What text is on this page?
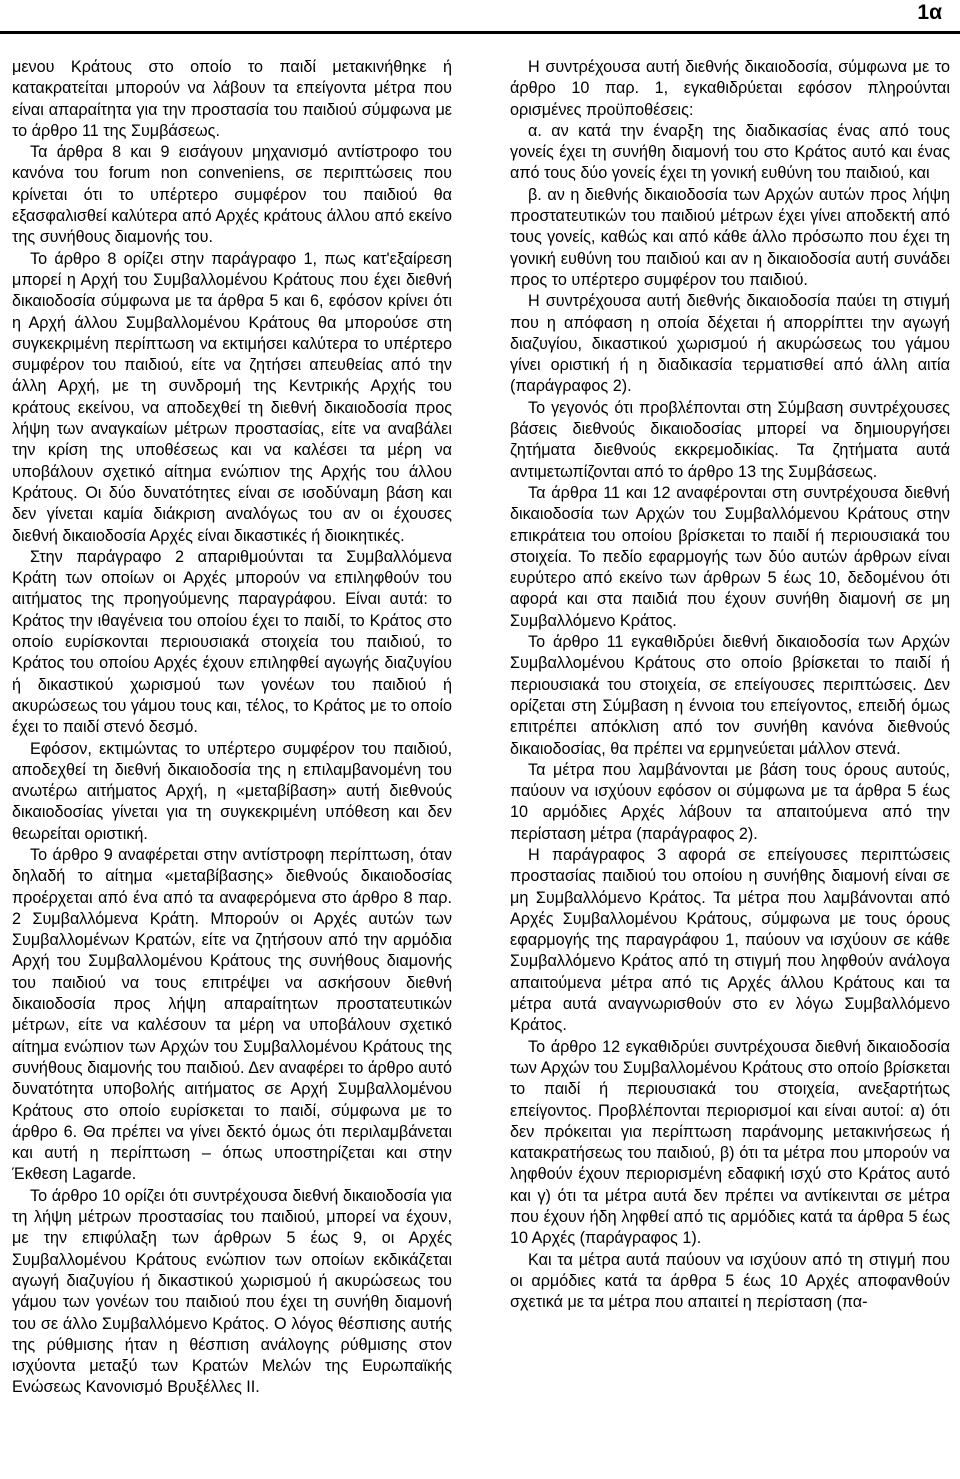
1α

μενου Κράτους στο οποίο το παιδί μετακινήθηκε ή κατακρατείται μπορούν να λάβουν τα επείγοντα μέτρα που είναι απαραίτητα για την προστασία του παιδιού σύμφωνα με το άρθρο 11 της Συμβάσεως.

Τα άρθρα 8 και 9 εισάγουν μηχανισμό αντίστροφο του κανόνα του forum non conveniens, σε περιπτώσεις που κρίνεται ότι το υπέρτερο συμφέρον του παιδιού θα εξασφαλισθεί καλύτερα από Αρχές κράτους άλλου από εκείνο της συνήθους διαμονής του.

Το άρθρο 8 ορίζει στην παράγραφο 1, πως κατ'εξαίρεση μπορεί η Αρχή του Συμβαλλομένου Κράτους που έχει διεθνή δικαιοδοσία σύμφωνα με τα άρθρα 5 και 6, εφόσον κρίνει ότι η Αρχή άλλου Συμβαλλομένου Κράτους θα μπορούσε στη συγκεκριμένη περίπτωση να εκτιμήσει καλύτερα το υπέρτερο συμφέρον του παιδιού, είτε να ζητήσει απευθείας από την άλλη Αρχή, με τη συνδρομή της Κεντρικής Αρχής του κράτους εκείνου, να αποδεχθεί τη διεθνή δικαιοδοσία προς λήψη των αναγκαίων μέτρων προστασίας, είτε να αναβάλει την κρίση της υποθέσεως και να καλέσει τα μέρη να υποβάλουν σχετικό αίτημα ενώπιον της Αρχής του άλλου Κράτους. Οι δύο δυνατότητες είναι σε ισοδύναμη βάση και δεν γίνεται καμία διάκριση αναλόγως του αν οι έχουσες διεθνή δικαιοδοσία Αρχές είναι δικαστικές ή διοικητικές.

Στην παράγραφο 2 απαριθμούνται τα Συμβαλλόμενα Κράτη των οποίων οι Αρχές μπορούν να επιληφθούν του αιτήματος της προηγούμενης παραγράφου. Είναι αυτά: το Κράτος την ιθαγένεια του οποίου έχει το παιδί, το Κράτος στο οποίο ευρίσκονται περιουσιακά στοιχεία του παιδιού, το Κράτος του οποίου Αρχές έχουν επιληφθεί αγωγής διαζυγίου ή δικαστικού χωρισμού των γονέων του παιδιού ή ακυρώσεως του γάμου τους και, τέλος, το Κράτος με το οποίο έχει το παιδί στενό δεσμό.

Εφόσον, εκτιμώντας το υπέρτερο συμφέρον του παιδιού, αποδεχθεί τη διεθνή δικαιοδοσία της η επιλαμβανομένη του ανωτέρω αιτήματος Αρχή, η «μεταβίβαση» αυτή διεθνούς δικαιοδοσίας γίνεται για τη συγκεκριμένη υπόθεση και δεν θεωρείται οριστική.

Το άρθρο 9 αναφέρεται στην αντίστροφη περίπτωση, όταν δηλαδή το αίτημα «μεταβίβασης» διεθνούς δικαιοδοσίας προέρχεται από ένα από τα αναφερόμενα στο άρθρο 8 παρ. 2 Συμβαλλόμενα Κράτη. Μπορούν οι Αρχές αυτών των Συμβαλλομένων Κρατών, είτε να ζητήσουν από την αρμόδια Αρχή του Συμβαλλομένου Κράτους της συνήθους διαμονής του παιδιού να τους επιτρέψει να ασκήσουν διεθνή δικαιοδοσία προς λήψη απαραίτητων προστατευτικών μέτρων, είτε να καλέσουν τα μέρη να υποβάλουν σχετικό αίτημα ενώπιον των Αρχών του Συμβαλλομένου Κράτους της συνήθους διαμονής του παιδιού. Δεν αναφέρει το άρθρο αυτό δυνατότητα υποβολής αιτήματος σε Αρχή Συμβαλλομένου Κράτους στο οποίο ευρίσκεται το παιδί, σύμφωνα με το άρθρο 6. Θα πρέπει να γίνει δεκτό όμως ότι περιλαμβάνεται και αυτή η περίπτωση – όπως υποστηρίζεται και στην Έκθεση Lagarde.

Το άρθρο 10 ορίζει ότι συντρέχουσα διεθνή δικαιοδοσία για τη λήψη μέτρων προστασίας του παιδιού, μπορεί να έχουν, με την επιφύλαξη των άρθρων 5 έως 9, οι Αρχές Συμβαλλομένου Κράτους ενώπιον των οποίων εκδικάζεται αγωγή διαζυγίου ή δικαστικού χωρισμού ή ακυρώσεως του γάμου των γονέων του παιδιού που έχει τη συνήθη διαμονή του σε άλλο Συμβαλλόμενο Κράτος. Ο λόγος θέσπισης αυτής της ρύθμισης ήταν η θέσπιση ανάλογης ρύθμισης στον ισχύοντα μεταξύ των Κρατών Μελών της Ευρωπαϊκής Ενώσεως Κανονισμό Βρυξέλλες ΙΙ.

Η συντρέχουσα αυτή διεθνής δικαιοδοσία, σύμφωνα με το άρθρο 10 παρ. 1, εγκαθιδρύεται εφόσον πληρούνται ορισμένες προϋποθέσεις:

α. αν κατά την έναρξη της διαδικασίας ένας από τους γονείς έχει τη συνήθη διαμονή του στο Κράτος αυτό και ένας από τους δύο γονείς έχει τη γονική ευθύνη του παιδιού, και

β. αν η διεθνής δικαιοδοσία των Αρχών αυτών προς λήψη προστατευτικών του παιδιού μέτρων έχει γίνει αποδεκτή από τους γονείς, καθώς και από κάθε άλλο πρόσωπο που έχει τη γονική ευθύνη του παιδιού και αν η δικαιοδοσία αυτή συνάδει προς το υπέρτερο συμφέρον του παιδιού.

Η συντρέχουσα αυτή διεθνής δικαιοδοσία παύει τη στιγμή που η απόφαση η οποία δέχεται ή απορρίπτει την αγωγή διαζυγίου, δικαστικού χωρισμού ή ακυρώσεως του γάμου γίνει οριστική ή η διαδικασία τερματισθεί από άλλη αιτία (παράγραφος 2).

Το γεγονός ότι προβλέπονται στη Σύμβαση συντρέχουσες βάσεις διεθνούς δικαιοδοσίας μπορεί να δημιουργήσει ζητήματα διεθνούς εκκρεμοδικίας. Τα ζητήματα αυτά αντιμετωπίζονται από το άρθρο 13 της Συμβάσεως.

Τα άρθρα 11 και 12 αναφέρονται στη συντρέχουσα διεθνή δικαιοδοσία των Αρχών του Συμβαλλόμενου Κράτους στην επικράτεια του οποίου βρίσκεται το παιδί ή περιουσιακά του στοιχεία. Το πεδίο εφαρμογής των δύο αυτών άρθρων είναι ευρύτερο από εκείνο των άρθρων 5 έως 10, δεδομένου ότι αφορά και στα παιδιά που έχουν συνήθη διαμονή σε μη Συμβαλλόμενο Κράτος.

Το άρθρο 11 εγκαθιδρύει διεθνή δικαιοδοσία των Αρχών Συμβαλλομένου Κράτους στο οποίο βρίσκεται το παιδί ή περιουσιακά του στοιχεία, σε επείγουσες περιπτώσεις. Δεν ορίζεται στη Σύμβαση η έννοια του επείγοντος, επειδή όμως επιτρέπει απόκλιση από τον συνήθη κανόνα διεθνούς δικαιοδοσίας, θα πρέπει να ερμηνεύεται μάλλον στενά.

Τα μέτρα που λαμβάνονται με βάση τους όρους αυτούς, παύουν να ισχύουν εφόσον οι σύμφωνα με τα άρθρα 5 έως 10 αρμόδιες Αρχές λάβουν τα απαιτούμενα από την περίσταση μέτρα (παράγραφος 2).

Η παράγραφος 3 αφορά σε επείγουσες περιπτώσεις προστασίας παιδιού του οποίου η συνήθης διαμονή είναι σε μη Συμβαλλόμενο Κράτος. Τα μέτρα που λαμβάνονται από Αρχές Συμβαλλομένου Κράτους, σύμφωνα με τους όρους εφαρμογής της παραγράφου 1, παύουν να ισχύουν σε κάθε Συμβαλλόμενο Κράτος από τη στιγμή που ληφθούν ανάλογα απαιτούμενα μέτρα από τις Αρχές άλλου Κράτους και τα μέτρα αυτά αναγνωρισθούν στο εν λόγω Συμβαλλόμενο Κράτος.

Το άρθρο 12 εγκαθιδρύει συντρέχουσα διεθνή δικαιοδοσία των Αρχών του Συμβαλλομένου Κράτους στο οποίο βρίσκεται το παιδί ή περιουσιακά του στοιχεία, ανεξαρτήτως επείγοντος. Προβλέπονται περιορισμοί και είναι αυτοί: α) ότι δεν πρόκειται για περίπτωση παράνομης μετακινήσεως ή κατακρατήσεως του παιδιού, β) ότι τα μέτρα που μπορούν να ληφθούν έχουν περιορισμένη εδαφική ισχύ στο Κράτος αυτό και γ) ότι τα μέτρα αυτά δεν πρέπει να αντίκεινται σε μέτρα που έχουν ήδη ληφθεί από τις αρμόδιες κατά τα άρθρα 5 έως 10 Αρχές (παράγραφος 1).

Και τα μέτρα αυτά παύουν να ισχύουν από τη στιγμή που οι αρμόδιες κατά τα άρθρα 5 έως 10 Αρχές αποφανθούν σχετικά με τα μέτρα που απαιτεί η περίσταση (πα-
